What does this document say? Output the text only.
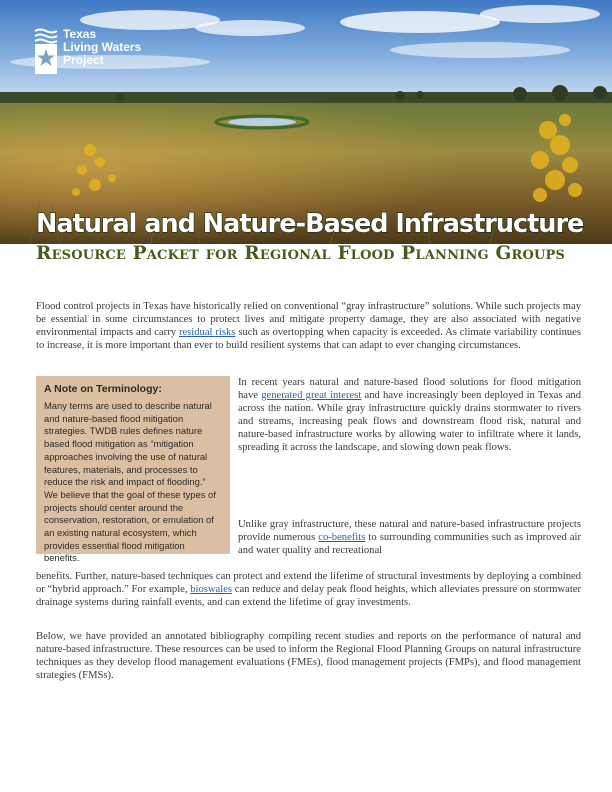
Texas
Living Waters
Project
Natural and Nature-Based Infrastructure
Resource Packet for Regional Flood Planning Groups

Flood control projects in Texas have historically relied on conventional “gray infrastructure” solutions. While such projects may be essential in some circumstances to protect lives and mitigate property damage, they are also associated with negative environmental impacts and carry residual risks such as overtopping when capacity is exceeded. As climate variability continues to increase, it is more important than ever to build resilient systems that can adapt to ever changing circumstances.

A Note on Terminology:

Many terms are used to describe natural and nature-based flood mitigation strategies. TWDB rules defines nature based flood mitigation as “mitigation approaches involving the use of natural features, materials, and processes to reduce the risk and impact of flooding.” We believe that the goal of these types of projects should center around the conservation, restoration, or emulation of an existing natural ecosystem, which provides essential flood mitigation benefits.

In recent years natural and nature-based flood solutions for flood mitigation have generated great interest and have increasingly been deployed in Texas and across the nation. While gray infrastructure quickly drains stormwater to rivers and streams, increasing peak flows and downstream flood risk, natural and nature-based infrastructure works by allowing water to infiltrate where it lands, spreading it across the landscape, and slowing down peak flows.

Unlike gray infrastructure, these natural and nature-based infrastructure projects provide numerous co-benefits to surrounding communities such as improved air and water quality and recreational

benefits. Further, nature-based techniques can protect and extend the lifetime of structural investments by deploying a combined or “hybrid approach.” For example, bioswales can reduce and delay peak flood heights, which alleviates pressure on stormwater drainage systems during rainfall events, and can extend the lifetime of gray investments.

Below, we have provided an annotated bibliography compiling recent studies and reports on the performance of natural and nature-based infrastructure. These resources can be used to inform the Regional Flood Planning Groups on natural infrastructure techniques as they develop flood management evaluations (FMEs), flood management projects (FMPs), and flood management strategies (FMSs).
